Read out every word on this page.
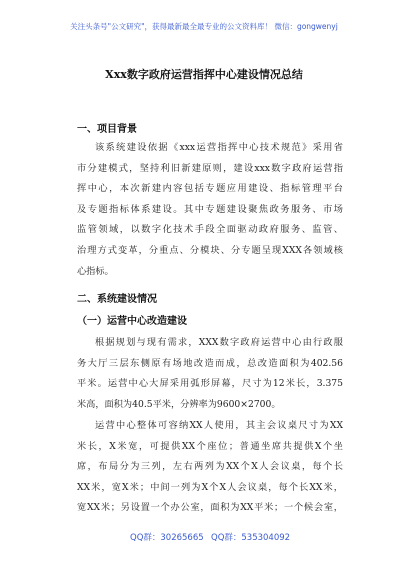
关注头条号"公文研究"，获得最新最全最专业的公文资料库！ 微信：gongwenyj
Xxx数字政府运营指挥中心建设情况总结
一、项目背景
该系统建设依据《xxx运营指挥中心技术规范》采用省
市分建模式，坚持利旧新建原则，建设xxx数字政府运营指
挥中心，本次新建内容包括专题应用建设、指标管理平台
及专题指标体系建设。其中专题建设聚焦政务服务、市场
监管领域，以数字化技术手段全面驱动政府服务、监管、
治理方式变革，分重点、分模块、分专题呈现XXX各领域核
心指标。
二、系统建设情况
（一）运营中心改造建设
根据规划与现有需求，XXX数字政府运营中心由行政服
务大厅三层东侧原有场地改造而成，总改造面积为402.56
平米。运营中心大屏采用弧形屏幕，尺寸为12米长，3.375
米高，面积为40.5平米，分辨率为9600×2700。
运营中心整体可容纳XX人使用，其主会议桌尺寸为XX
米长，X米宽，可提供XX个座位；普通坐席共提供X个坐
席，布局分为三列，左右两列为XX个X人会议桌，每个长
XX米，宽X米；中间一列为X个X人会议桌，每个长XX米，
宽XX米；另设置一个办公室，面积为XX平米；一个候会室，
QQ群：30265665 QQ群：535304092
